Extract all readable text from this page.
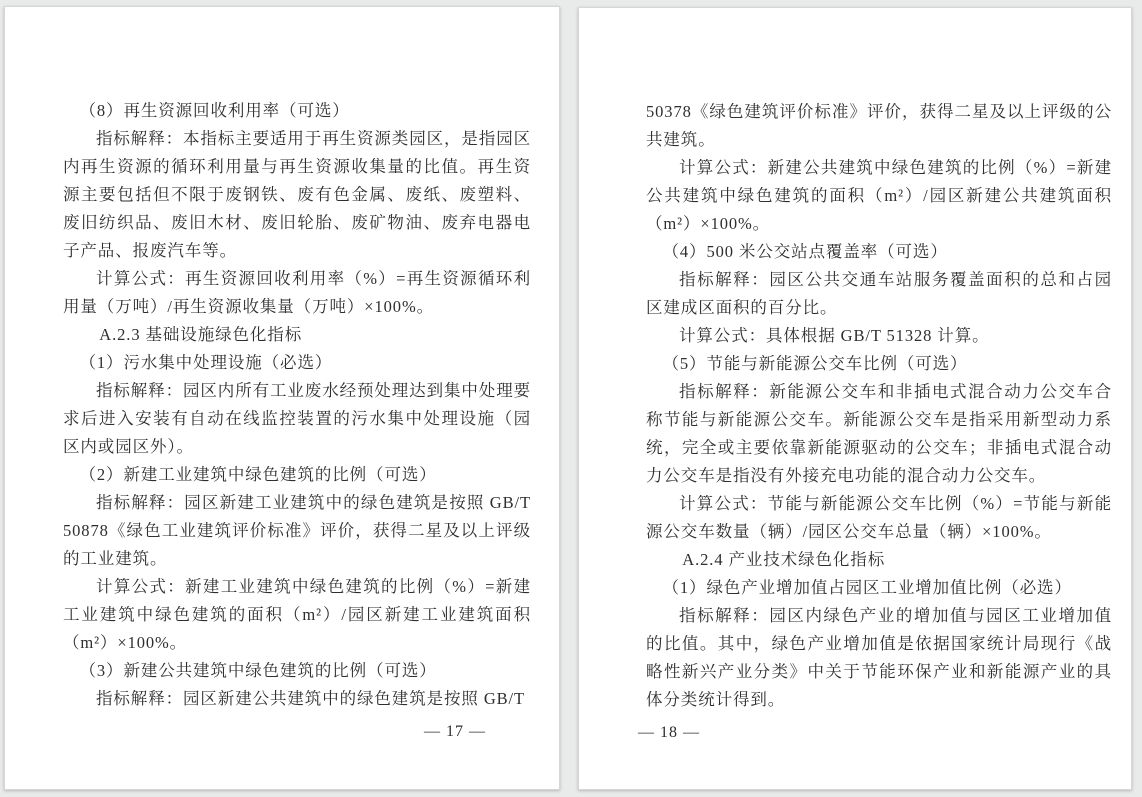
（8）再生资源回收利用率（可选）
指标解释：本指标主要适用于再生资源类园区，是指园区内再生资源的循环利用量与再生资源收集量的比值。再生资源主要包括但不限于废钢铁、废有色金属、废纸、废塑料、废旧纺织品、废旧木材、废旧轮胎、废矿物油、废弃电器电子产品、报废汽车等。
计算公式：再生资源回收利用率（%）=再生资源循环利用量（万吨）/再生资源收集量（万吨）×100%。
A.2.3 基础设施绿色化指标
（1）污水集中处理设施（必选）
指标解释：园区内所有工业废水经预处理达到集中处理要求后进入安装有自动在线监控装置的污水集中处理设施（园区内或园区外）。
（2）新建工业建筑中绿色建筑的比例（可选）
指标解释：园区新建工业建筑中的绿色建筑是按照 GB/T 50878《绿色工业建筑评价标准》评价，获得二星及以上评级的工业建筑。
计算公式：新建工业建筑中绿色建筑的比例（%）=新建工业建筑中绿色建筑的面积（m²）/园区新建工业建筑面积（m²）×100%。
（3）新建公共建筑中绿色建筑的比例（可选）
指标解释：园区新建公共建筑中的绿色建筑是按照 GB/T
— 17 —
50378《绿色建筑评价标准》评价，获得二星及以上评级的公共建筑。
计算公式：新建公共建筑中绿色建筑的比例（%）=新建公共建筑中绿色建筑的面积（m²）/园区新建公共建筑面积（m²）×100%。
（4）500 米公交站点覆盖率（可选）
指标解释：园区公共交通车站服务覆盖面积的总和占园区建成区面积的百分比。
计算公式：具体根据 GB/T 51328 计算。
（5）节能与新能源公交车比例（可选）
指标解释：新能源公交车和非插电式混合动力公交车合称节能与新能源公交车。新能源公交车是指采用新型动力系统，完全或主要依靠新能源驱动的公交车；非插电式混合动力公交车是指没有外接充电功能的混合动力公交车。
计算公式：节能与新能源公交车比例（%）=节能与新能源公交车数量（辆）/园区公交车总量（辆）×100%。
A.2.4 产业技术绿色化指标
（1）绿色产业增加值占园区工业增加值比例（必选）
指标解释：园区内绿色产业的增加值与园区工业增加值的比值。其中，绿色产业增加值是依据国家统计局现行《战略性新兴产业分类》中关于节能环保产业和新能源产业的具体分类统计得到。
— 18 —
